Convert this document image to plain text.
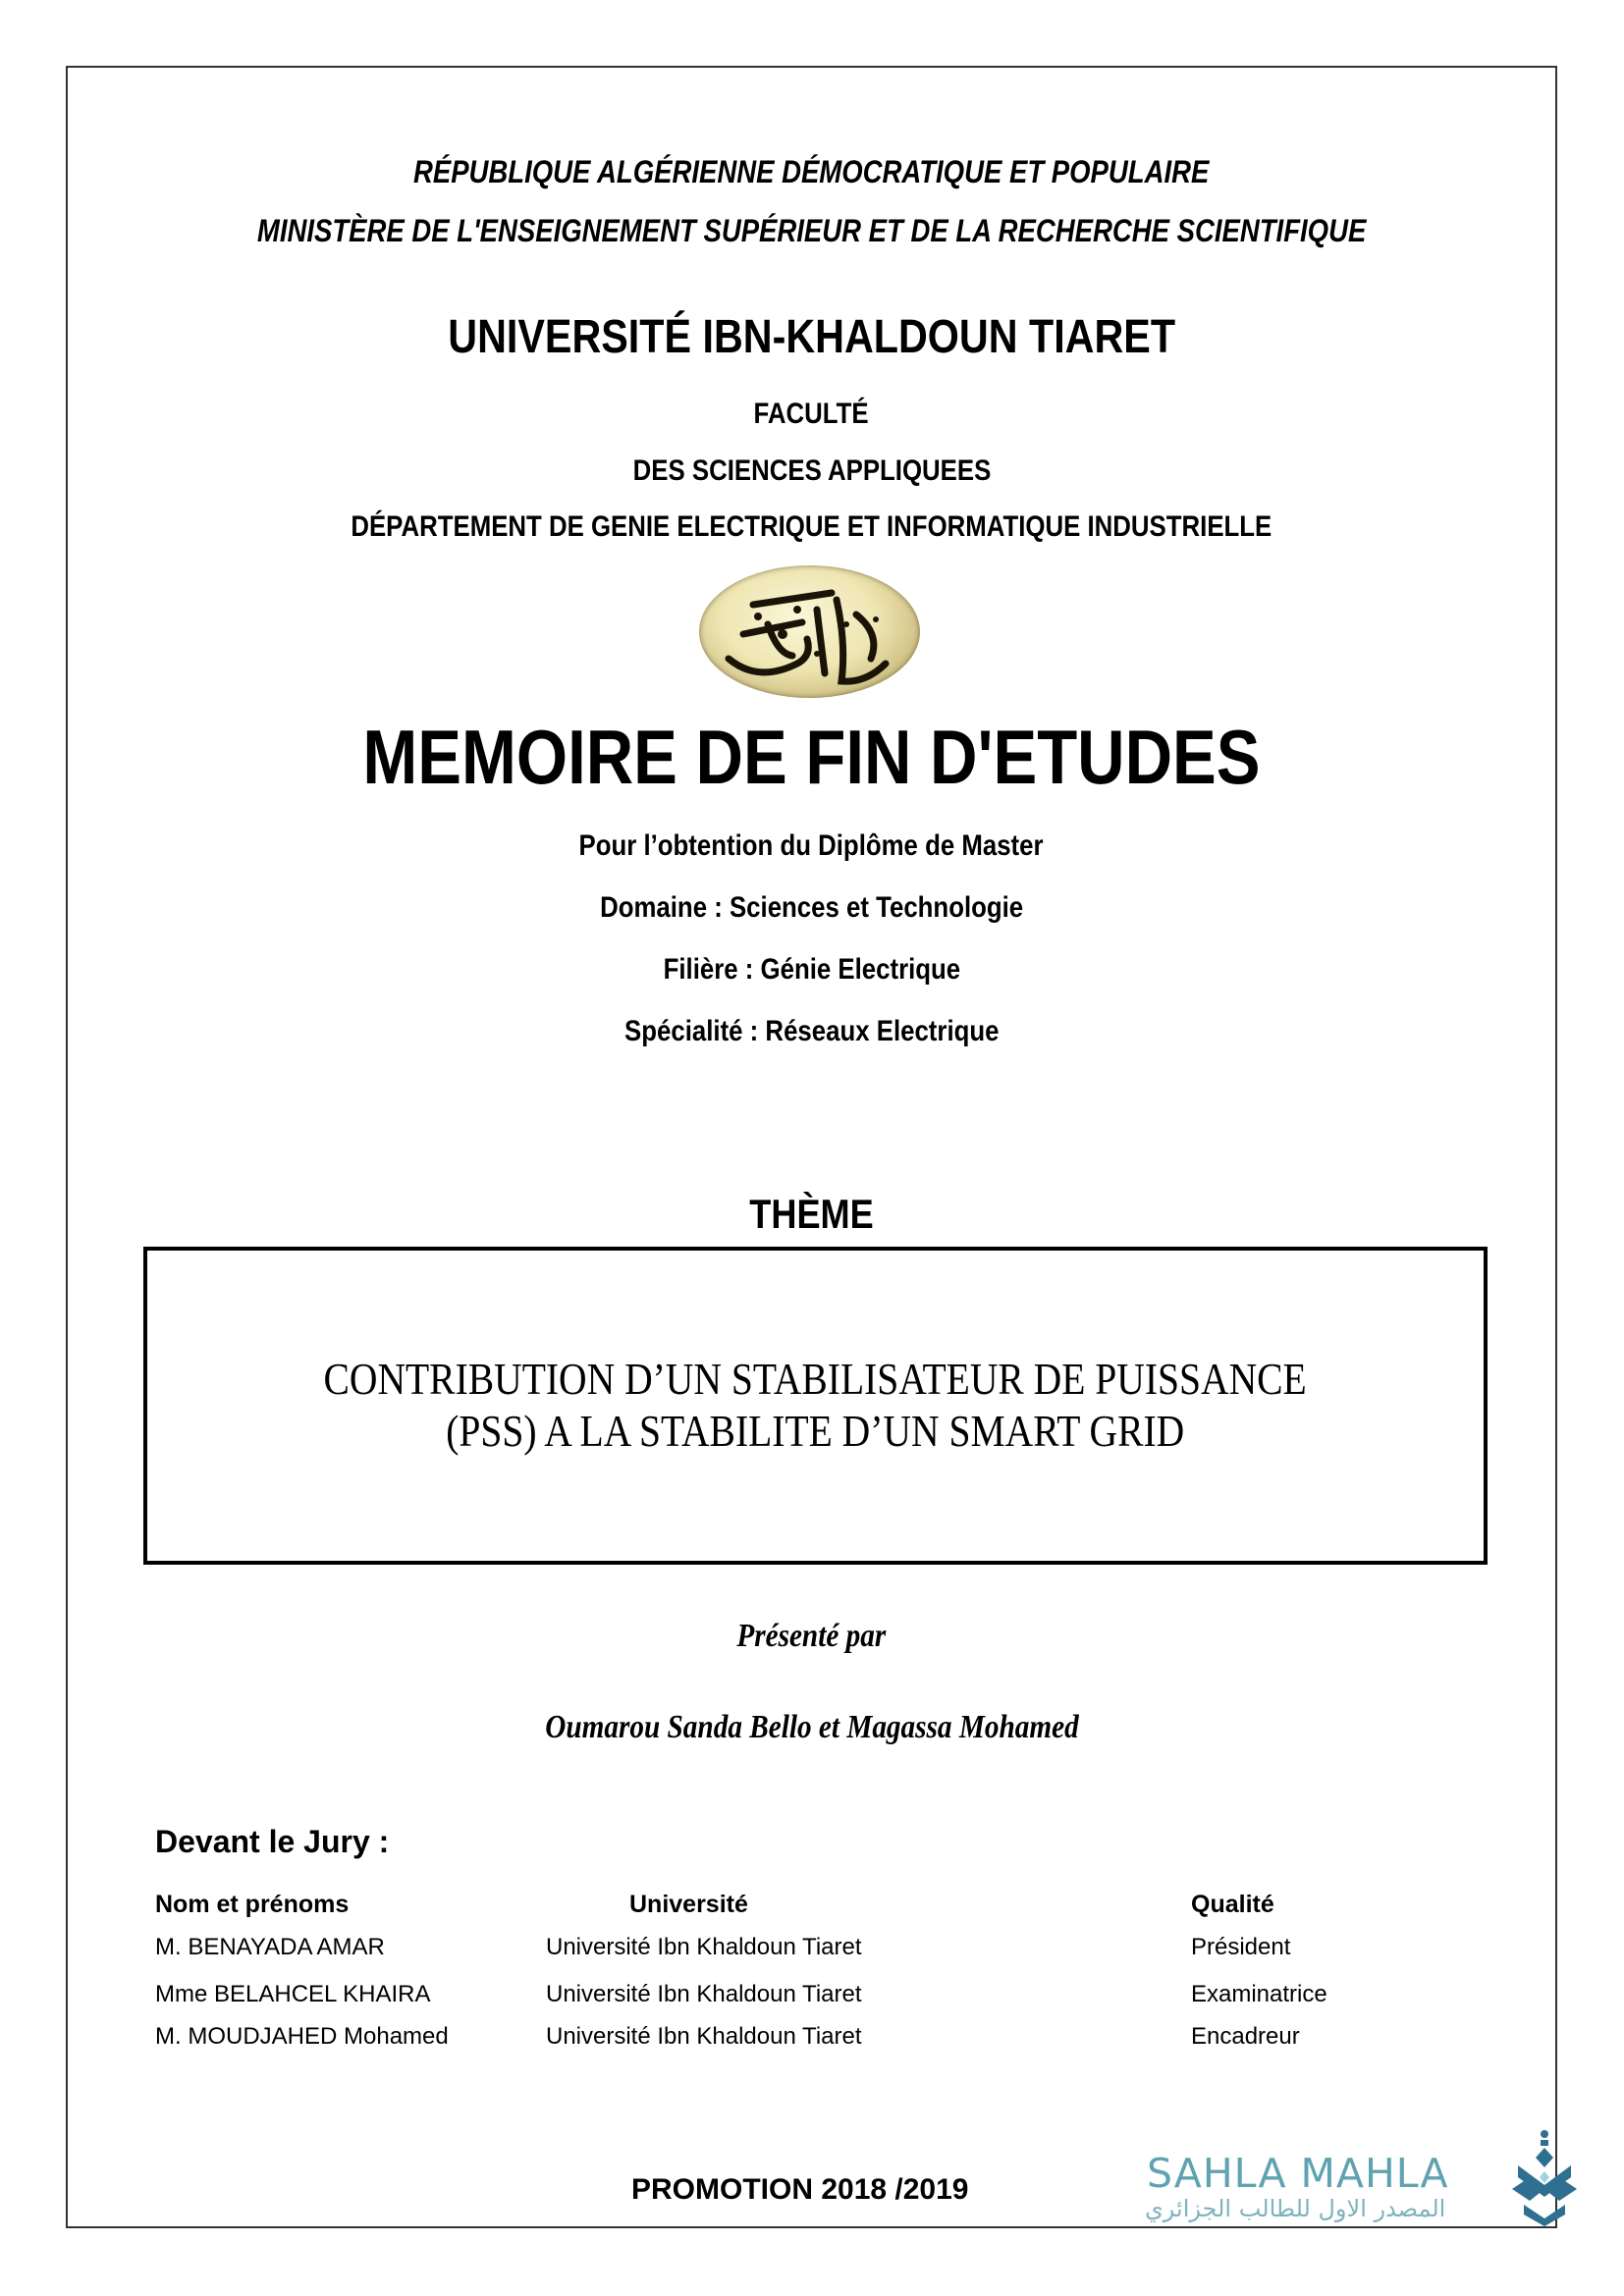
RÉPUBLIQUE ALGÉRIENNE DÉMOCRATIQUE ET POPULAIRE
MINISTÈRE DE L'ENSEIGNEMENT SUPÉRIEUR ET DE LA RECHERCHE SCIENTIFIQUE
UNIVERSITÉ IBN-KHALDOUN TIARET
FACULTÉ
DES SCIENCES APPLIQUEES
DÉPARTEMENT DE GENIE ELECTRIQUE ET INFORMATIQUE INDUSTRIELLE
MEMOIRE DE FIN D'ETUDES
Pour l’obtention du Diplôme de Master
Domaine : Sciences et Technologie
Filière : Génie Electrique
Spécialité : Réseaux Electrique
THÈME
CONTRIBUTION D’UN STABILISATEUR DE PUISSANCE
(PSS) A LA STABILITE D’UN SMART GRID
Présenté par
Oumarou Sanda Bello et Magassa Mohamed
Devant le Jury :
Nom et prénoms	Université	Qualité
M. BENAYADA AMAR	Université Ibn Khaldoun Tiaret	Président
Mme BELAHCEL KHAIRA	Université Ibn Khaldoun Tiaret	Examinatrice
M. MOUDJAHED Mohamed	Université Ibn Khaldoun Tiaret	Encadreur
PROMOTION 2018 /2019	SAHLA MAHLA
المصدر الاول للطالب الجزائري
